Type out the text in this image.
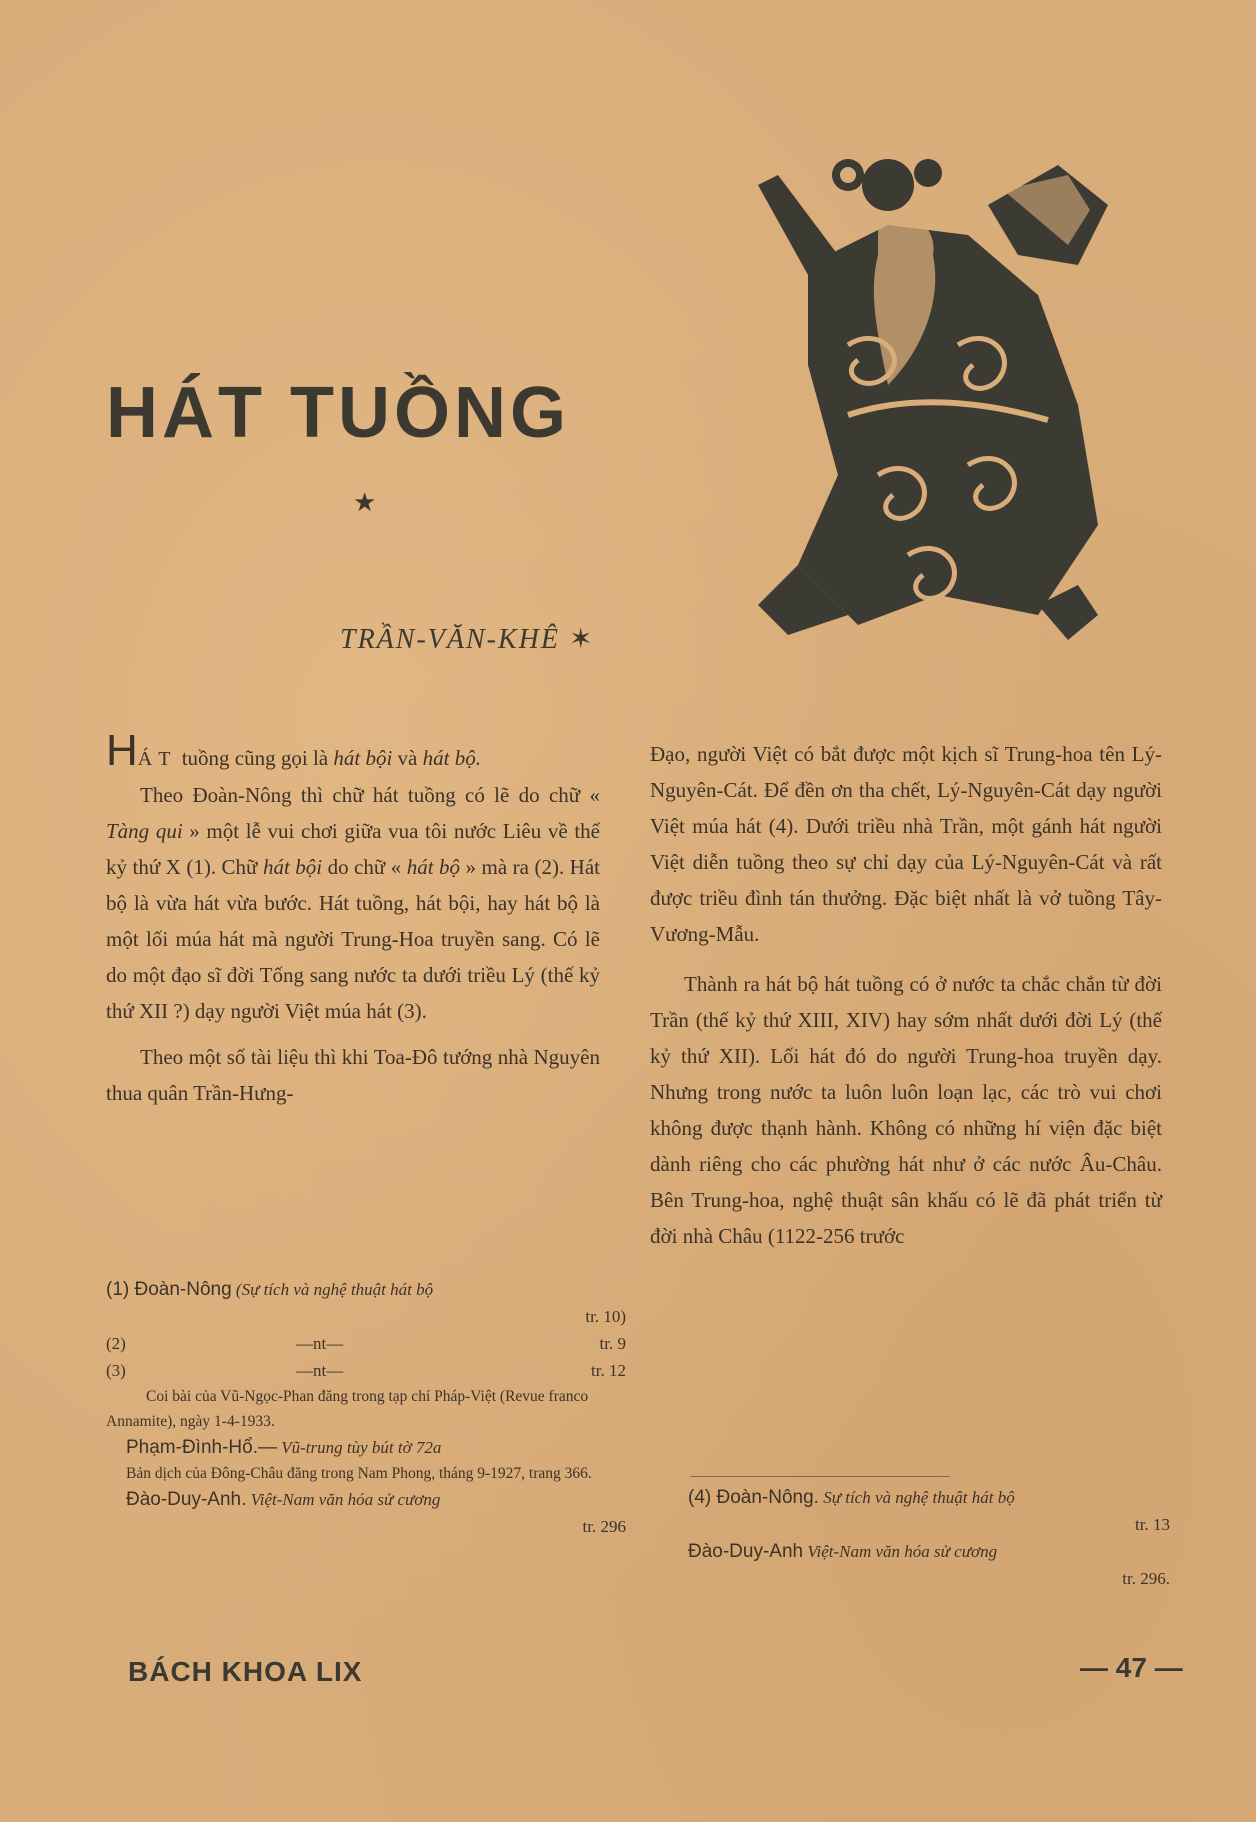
HÁT TUỒNG
★
TRẦN-VĂN-KHÊ ✶

HÁT tuồng cũng gọi là hát bội và hát bộ.

Theo Đoàn-Nông thì chữ hát tuồng có lẽ do chữ « Tàng qui » một lễ vui chơi giữa vua tôi nước Liêu về thế kỷ thứ X (1). Chữ hát bội do chữ « hát bộ » mà ra (2). Hát bộ là vừa hát vừa bước. Hát tuồng, hát bội, hay hát bộ là một lối múa hát mà người Trung-Hoa truyền sang. Có lẽ do một đạo sĩ đời Tống sang nước ta dưới triều Lý (thế kỷ thứ XII ?) dạy người Việt múa hát (3).

Theo một số tài liệu thì khi Toa-Đô tướng nhà Nguyên thua quân Trần-Hưng-

(1) Đoàn-Nông (Sự tích và nghệ thuật hát bộ
tr. 10)
(2)	—nt—	tr. 9
(3)	—nt—	tr. 12
Coi bài của Vũ-Ngọc-Phan đăng trong tạp chí Pháp-Việt (Revue franco Annamite), ngày 1-4-1933.
Phạm-Đình-Hổ.— Vũ-trung tùy bút tờ 72a
Bản dịch của Đông-Châu đăng trong Nam Phong, tháng 9-1927, trang 366.
Đào-Duy-Anh. Việt-Nam văn hóa sử cương
tr. 296

Đạo, người Việt có bắt được một kịch sĩ Trung-hoa tên Lý-Nguyên-Cát. Để đền ơn tha chết, Lý-Nguyên-Cát dạy người Việt múa hát (4). Dưới triều nhà Trần, một gánh hát người Việt diễn tuồng theo sự chỉ dạy của Lý-Nguyên-Cát và rất được triều đình tán thưởng. Đặc biệt nhất là vở tuồng Tây-Vương-Mẫu.

Thành ra hát bộ hát tuồng có ở nước ta chắc chắn từ đời Trần (thế kỷ thứ XIII, XIV) hay sớm nhất dưới đời Lý (thế kỷ thứ XII). Lối hát đó do người Trung-hoa truyền dạy. Nhưng trong nước ta luôn luôn loạn lạc, các trò vui chơi không được thạnh hành. Không có những hí viện đặc biệt dành riêng cho các phường hát như ở các nước Âu-Châu. Bên Trung-hoa, nghệ thuật sân khấu có lẽ đã phát triển từ đời nhà Châu (1122-256 trước

(4) Đoàn-Nông. Sự tích và nghệ thuật hát bộ
tr. 13
Đào-Duy-Anh Việt-Nam văn hóa sử cương
tr. 296.
BÁCH KHOA LIX	— 47 —
